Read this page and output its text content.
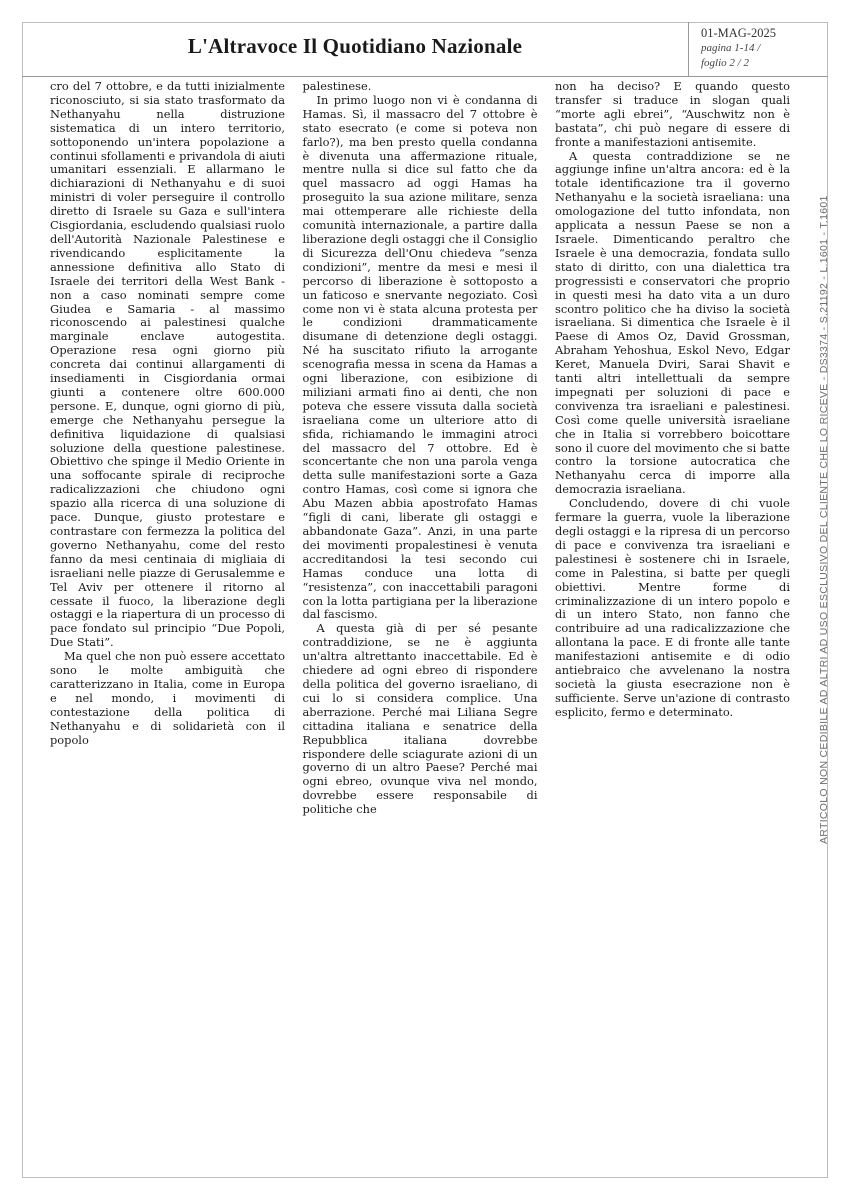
L'Altravoce Il Quotidiano Nazionale
01-MAG-2025
pagina 1-14 /
foglio 2 / 2

cro del 7 ottobre, e da tutti inizialmente riconosciuto, si sia stato trasformato da Nethanyahu nella distruzione sistematica di un intero territorio, sottoponendo un'intera popolazione a continui sfollamenti e privandola di aiuti umanitari essenziali. E allarmano le dichiarazioni di Nethanyahu e di suoi ministri di voler perseguire il controllo diretto di Israele su Gaza e sull'intera Cisgiordania, escludendo qualsiasi ruolo dell'Autorità Nazionale Palestinese e rivendicando esplicitamente la annessione definitiva allo Stato di Israele dei territori della West Bank - non a caso nominati sempre come Giudea e Samaria - al massimo riconoscendo ai palestinesi qualche marginale enclave autogestita. Operazione resa ogni giorno più concreta dai continui allargamenti di insediamenti in Cisgiordania ormai giunti a contenere oltre 600.000 persone. E, dunque, ogni giorno di più, emerge che Nethanyahu persegue la definitiva liquidazione di qualsiasi soluzione della questione palestinese. Obiettivo che spinge il Medio Oriente in una soffocante spirale di reciproche radicalizzazioni che chiudono ogni spazio alla ricerca di una soluzione di pace. Dunque, giusto protestare e contrastare con fermezza la politica del governo Nethanyahu, come del resto fanno da mesi centinaia di migliaia di israeliani nelle piazze di Gerusalemme e Tel Aviv per ottenere il ritorno al cessate il fuoco, la liberazione degli ostaggi e la riapertura di un processo di pace fondato sul principio “Due Popoli, Due Stati”.

Ma quel che non può essere accettato sono le molte ambiguità che caratterizzano in Italia, come in Europa e nel mondo, i movimenti di contestazione della politica di Nethanyahu e di solidarietà con il popolo

palestinese.

In primo luogo non vi è condanna di Hamas. Sì, il massacro del 7 ottobre è stato esecrato (e come si poteva non farlo?), ma ben presto quella condanna è divenuta una affermazione rituale, mentre nulla si dice sul fatto che da quel massacro ad oggi Hamas ha proseguito la sua azione militare, senza mai ottemperare alle richieste della comunità internazionale, a partire dalla liberazione degli ostaggi che il Consiglio di Sicurezza dell'Onu chiedeva “senza condizioni”, mentre da mesi e mesi il percorso di liberazione è sottoposto a un faticoso e snervante negoziato. Così come non vi è stata alcuna protesta per le condizioni drammaticamente disumane di detenzione degli ostaggi. Né ha suscitato rifiuto la arrogante scenografia messa in scena da Hamas a ogni liberazione, con esibizione di miliziani armati fino ai denti, che non poteva che essere vissuta dalla società israeliana come un ulteriore atto di sfida, richiamando le immagini atroci del massacro del 7 ottobre. Ed è sconcertante che non una parola venga detta sulle manifestazioni sorte a Gaza contro Hamas, così come si ignora che Abu Mazen abbia apostrofato Hamas “figli di cani, liberate gli ostaggi e abbandonate Gaza”. Anzi, in una parte dei movimenti propalestinesi è venuta accreditandosi la tesi secondo cui Hamas conduce una lotta di “resistenza”, con inaccettabili paragoni con la lotta partigiana per la liberazione dal fascismo.

A questa già di per sé pesante contraddizione, se ne è aggiunta un'altra altrettanto inaccettabile. Ed è chiedere ad ogni ebreo di rispondere della politica del governo israeliano, di cui lo si considera complice. Una aberrazione. Perché mai Liliana Segre cittadina italiana e senatrice della Repubblica italiana dovrebbe rispondere delle sciagurate azioni di un governo di un altro Paese? Perché mai ogni ebreo, ovunque viva nel mondo, dovrebbe essere responsabile di politiche che

non ha deciso? E quando questo transfer si traduce in slogan quali “morte agli ebrei”, “Auschwitz non è bastata”, chi può negare di essere di fronte a manifestazioni antisemite.

A questa contraddizione se ne aggiunge infine un'altra ancora: ed è la totale identificazione tra il governo Nethanyahu e la società israeliana: una omologazione del tutto infondata, non applicata a nessun Paese se non a Israele. Dimenticando peraltro che Israele è una democrazia, fondata sullo stato di diritto, con una dialettica tra progressisti e conservatori che proprio in questi mesi ha dato vita a un duro scontro politico che ha diviso la società israeliana. Si dimentica che Israele è il Paese di Amos Oz, David Grossman, Abraham Yehoshua, Eskol Nevo, Edgar Keret, Manuela Dviri, Sarai Shavit e tanti altri intellettuali da sempre impegnati per soluzioni di pace e convivenza tra israeliani e palestinesi. Così come quelle università israeliane che in Italia si vorrebbero boicottare sono il cuore del movimento che si batte contro la torsione autocratica che Nethanyahu cerca di imporre alla democrazia israeliana.

Concludendo, dovere di chi vuole fermare la guerra, vuole la liberazione degli ostaggi e la ripresa di un percorso di pace e convivenza tra israeliani e palestinesi è sostenere chi in Israele, come in Palestina, si batte per quegli obiettivi. Mentre forme di criminalizzazione di un intero popolo e di un intero Stato, non fanno che contribuire ad una radicalizzazione che allontana la pace. E di fronte alle tante manifestazioni antisemite e di odio antiebraico che avvelenano la nostra società la giusta esecrazione non è sufficiente. Serve un'azione di contrasto esplicito, fermo e determinato.	ARTICOLO NON CEDIBILE AD ALTRI AD USO ESCLUSIVO DEL CLIENTE CHE LO RICEVE - DS3374 - S.21192 - L.1601 - T.1601
